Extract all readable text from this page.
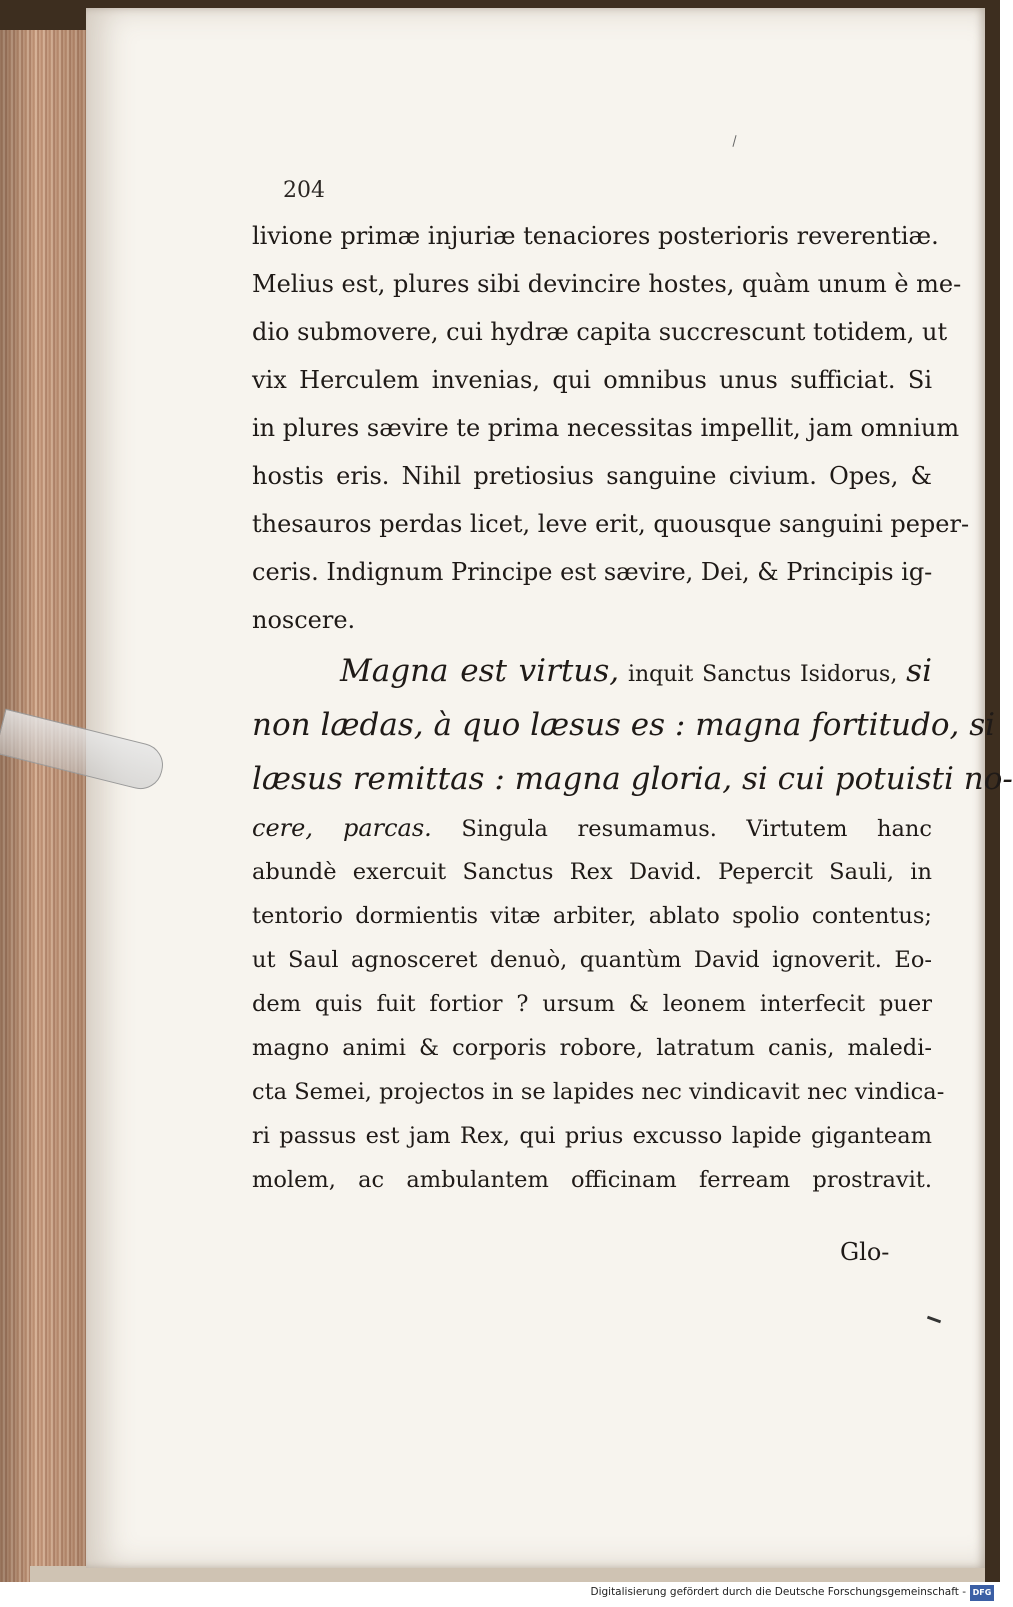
204
livione primæ injuriæ tenaciores posterioris reverentiæ.
Melius est, plures sibi devincire hostes, quàm unum è me-
dio submovere, cui hydræ capita succrescunt totidem, ut
vix Herculem invenias, qui omnibus unus sufficiat. Si
in plures sævire te prima necessitas impellit, jam omnium
hostis eris. Nihil pretiosius sanguine civium. Opes, &
thesauros perdas licet, leve erit, quousque sanguini peper-
ceris. Indignum Principe est sævire, Dei, & Principis ig-
noscere.
Magna est virtus, inquit Sanctus Isidorus, si
non lædas, à quo læsus es : magna fortitudo, si
læsus remittas : magna gloria, si cui potuisti no-
cere, parcas. Singula resumamus. Virtutem hanc
abundè exercuit Sanctus Rex David. Pepercit Sauli, in
tentorio dormientis vitæ arbiter, ablato spolio contentus;
ut Saul agnosceret denuò, quantùm David ignoverit. Eo-
dem quis fuit fortior ? ursum & leonem interfecit puer
magno animi & corporis robore, latratum canis, maledi-
cta Semei, projectos in se lapides nec vindicavit nec vindica-
ri passus est jam Rex, qui prius excusso lapide giganteam
molem, ac ambulantem officinam ferream prostravit.
Glo-
Digitalisierung gefördert durch die Deutsche Forschungsgemeinschaft - DFG
